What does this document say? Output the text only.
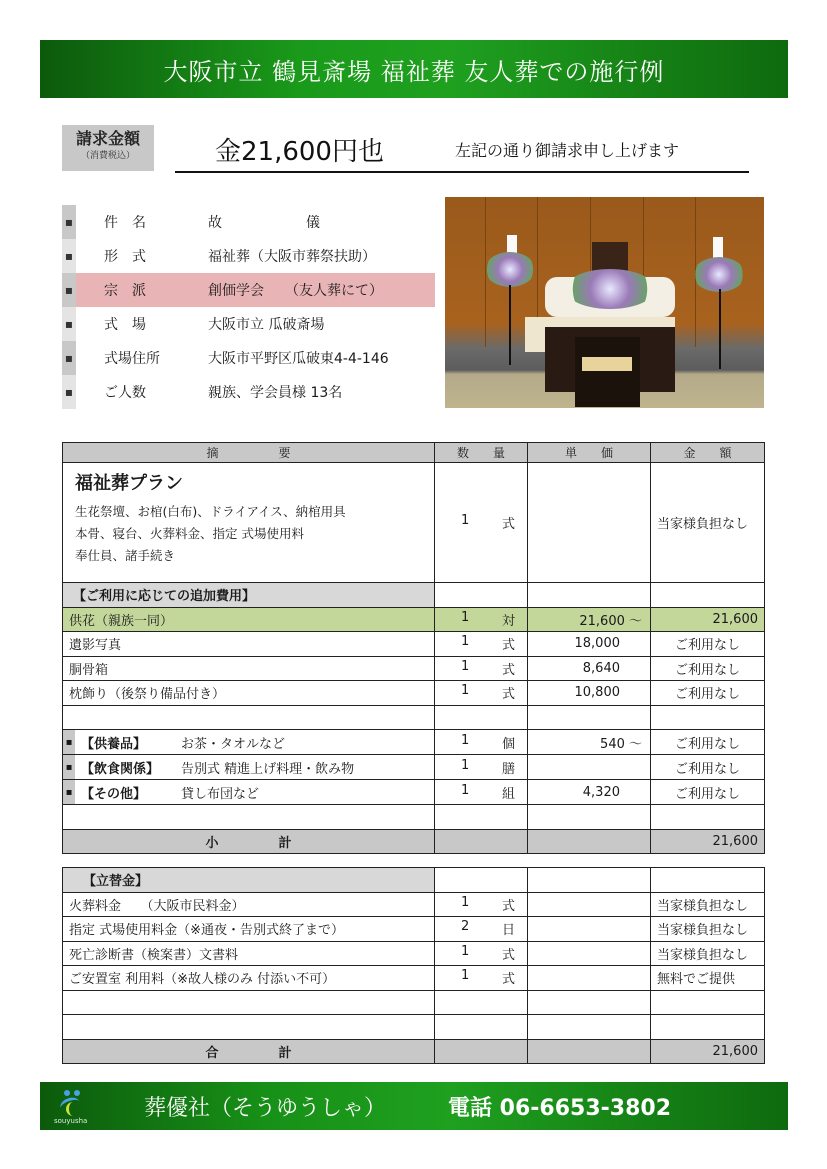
大阪市立 鶴見斎場 福祉葬 友人葬での施行例
請求金額
（消費税込）	金21,600円也	左記の通り御請求申し上げます
▪	件　名	故　　　　　　儀
▪	形　式	福祉葬（大阪市葬祭扶助）
▪	宗　派	創価学会　　（友人葬にて）
▪	式　場	大阪市立 瓜破斎場
▪	式場住所	大阪市平野区瓜破東4-4-146
▪	ご人数	親族、学会員様 13名
摘　　　　　要	数　　量	単　　価	金　　額

福祉葬プラン
生花祭壇、お棺(白布)、ドライアイス、納棺用具
本骨、寝台、火葬料金、指定 式場使用料
奉仕員、諸手続き	1 式		当家様負担なし
【ご利用に応じての追加費用】			
供花（親族一同）	1 対	21,600 ～	21,600
遺影写真	1 式	18,000	ご利用なし
胴骨箱	1 式	8,640	ご利用なし
枕飾り（後祭り備品付き）	1 式	10,800	ご利用なし

▪ 【供養品】 お茶・タオルなど	1 個	540 ～	ご利用なし

▪ 【飲食関係】 告別式 精進上げ料理・飲み物	1 膳		ご利用なし

▪ 【その他】 貸し布団など	1 組	4,320	ご利用なし

小計			21,600
【立替金】			
火葬料金　　（大阪市民料金）	1 式		当家様負担なし
指定 式場使用料金（※通夜・告別式終了まで）	2 日		当家様負担なし
死亡診断書（検案書）文書料	1 式		当家様負担なし
ご安置室 利用料（※故人様のみ 付添い不可）	1 式		無料でご提供

合計			21,600
souyusha
葬優社（そうゆうしゃ）	電話 06-6653-3802
